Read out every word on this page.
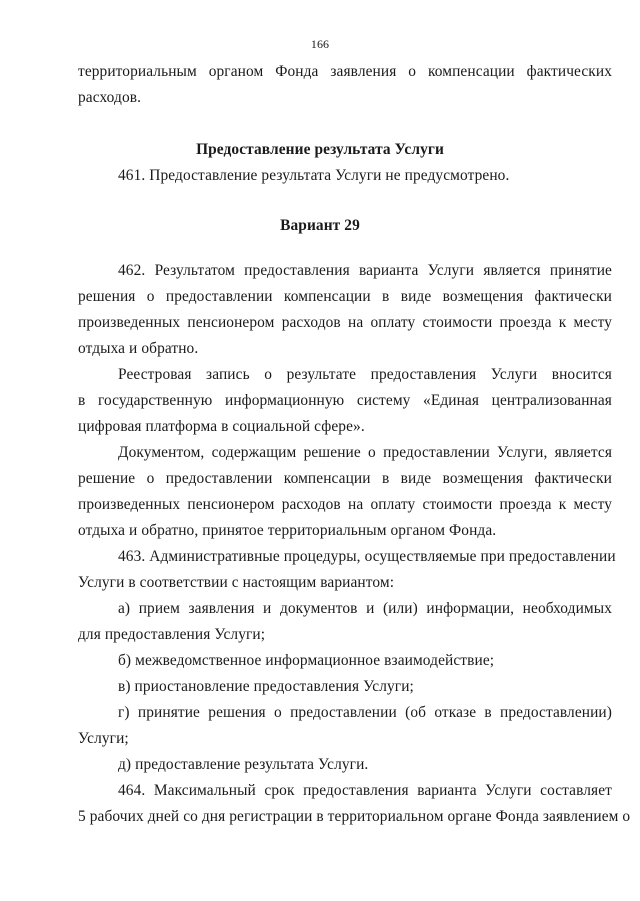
166
территориальным органом Фонда заявления о компенсации фактических
расходов.
Предоставление результата Услуги
461. Предоставление результата Услуги не предусмотрено.
Вариант 29
462. Результатом предоставления варианта Услуги является принятие
решения о предоставлении компенсации в виде возмещения фактически
произведенных пенсионером расходов на оплату стоимости проезда к месту
отдыха и обратно.
Реестровая запись о результате предоставления Услуги вносится
в государственную информационную систему «Единая централизованная
цифровая платформа в социальной сфере».
Документом, содержащим решение о предоставлении Услуги, является
решение о предоставлении компенсации в виде возмещения фактически
произведенных пенсионером расходов на оплату стоимости проезда к месту
отдыха и обратно, принятое территориальным органом Фонда.
463. Административные процедуры, осуществляемые при предоставлении
Услуги в соответствии с настоящим вариантом:
а) прием заявления и документов и (или) информации, необходимых
для предоставления Услуги;
б) межведомственное информационное взаимодействие;
в) приостановление предоставления Услуги;
г) принятие решения о предоставлении (об отказе в предоставлении)
Услуги;
д) предоставление результата Услуги.
464. Максимальный срок предоставления варианта Услуги составляет
5 рабочих дней со дня регистрации в территориальном органе Фонда заявлением о
